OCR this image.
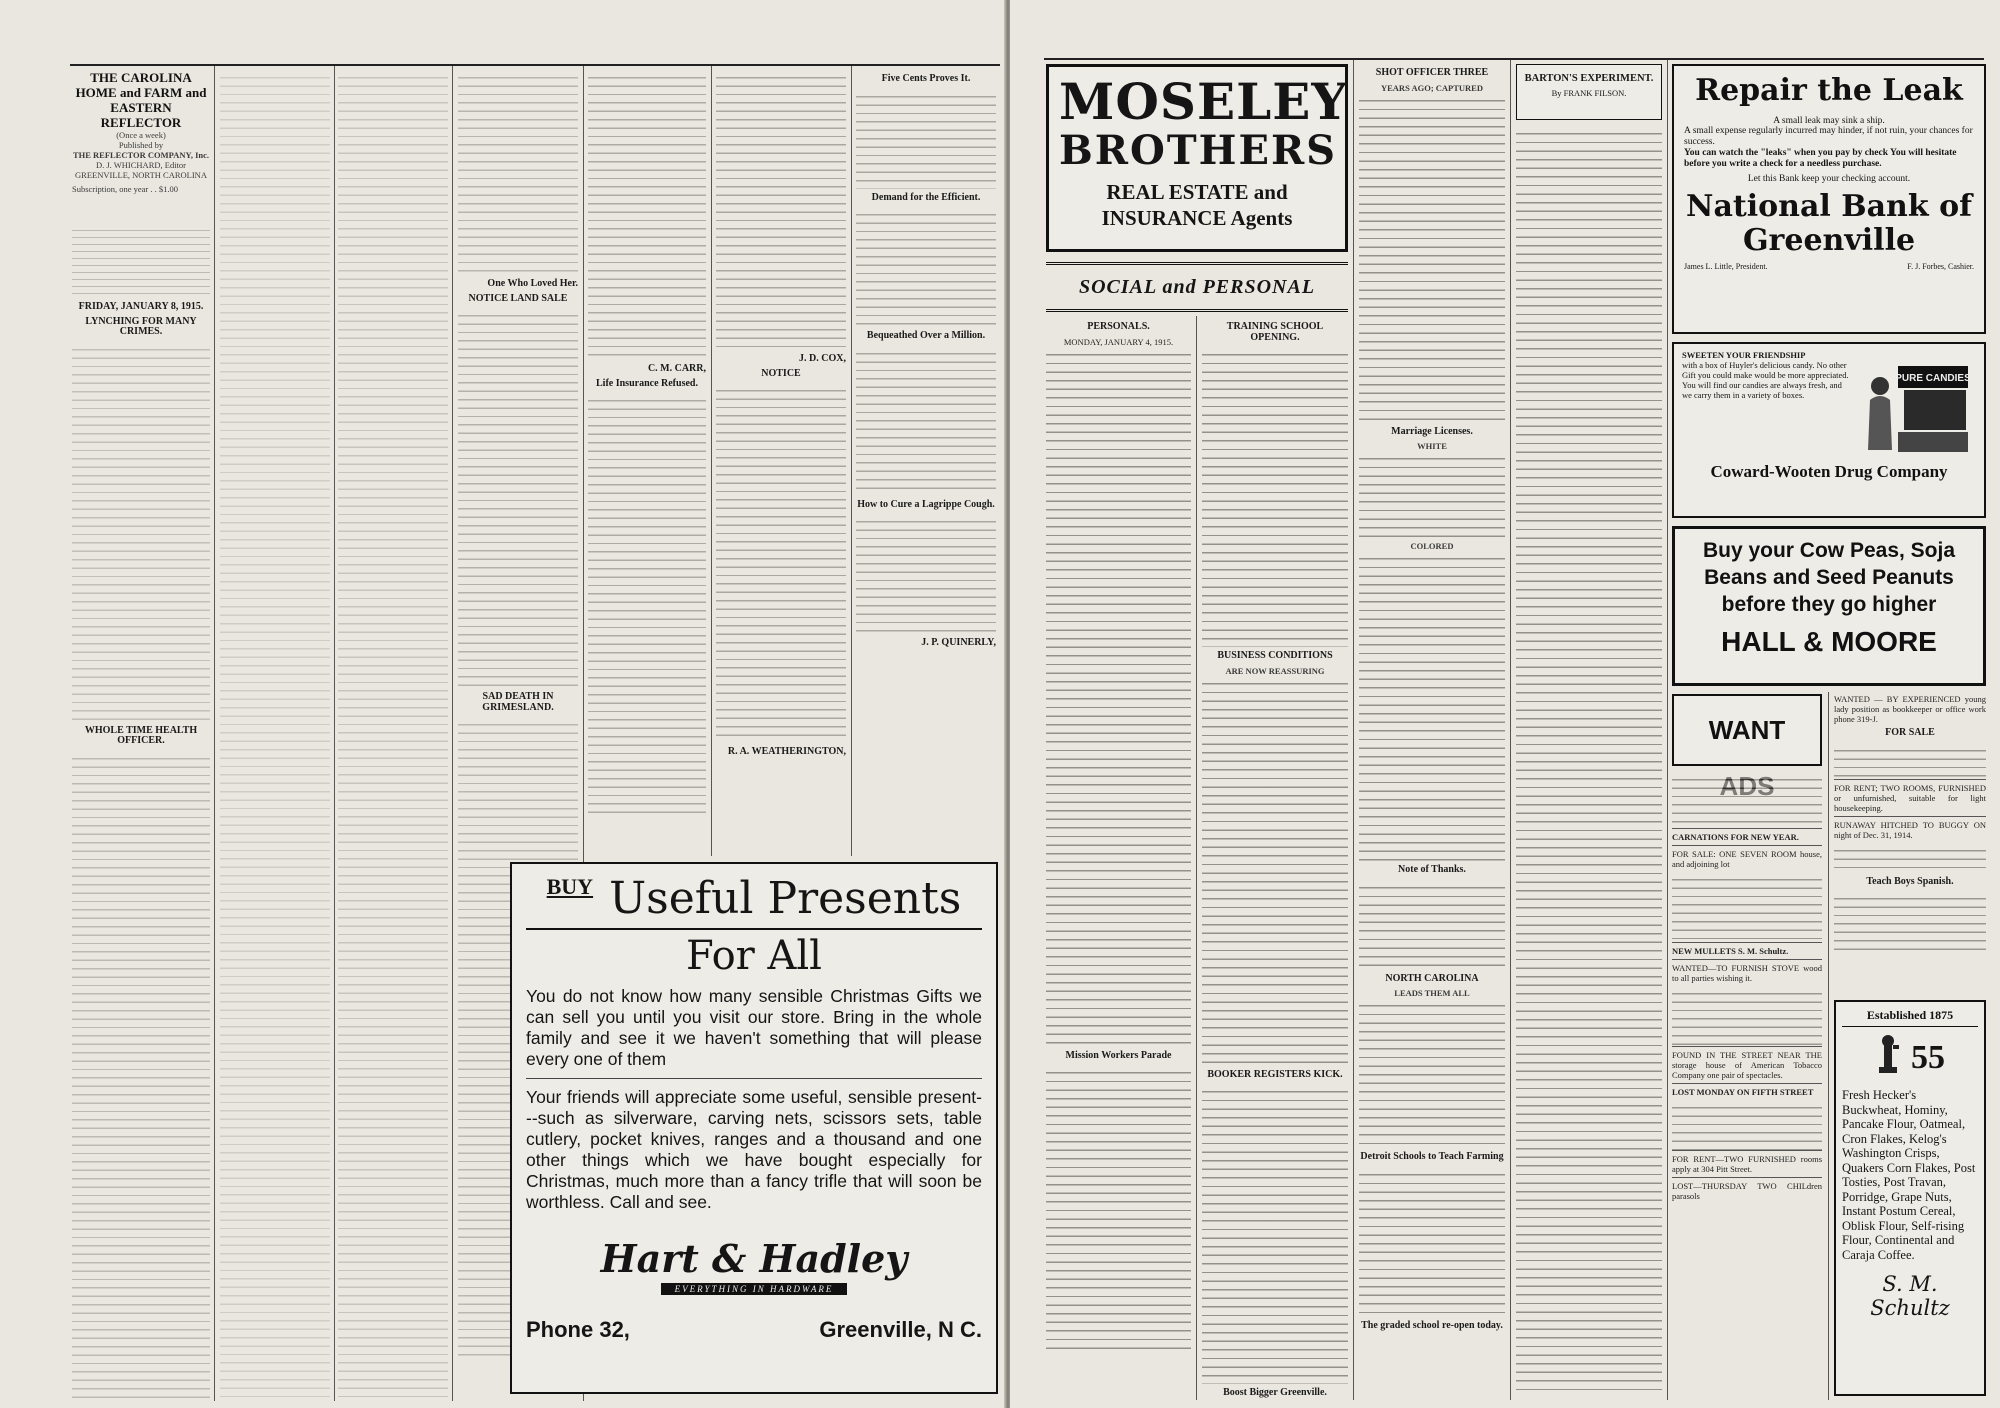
THE CAROLINA HOME and FARM and EASTERN REFLECTOR
(Once a week)
Published by
THE REFLECTOR COMPANY, Inc.
D. J. WHICHARD, Editor
GREENVILLE, NORTH CAROLINA
Subscription, one year . . $1.00
FRIDAY, JANUARY 8, 1915.
LYNCHING FOR MANY CRIMES.
WHOLE TIME HEALTH OFFICER.
One Who Loved Her.
NOTICE LAND SALE
SAD DEATH IN GRIMESLAND.
C. M. CARR,
Life Insurance Refused.
J. D. COX,
NOTICE
R. A. WEATHERINGTON,
Five Cents Proves It.
Demand for the Efficient.
Bequeathed Over a Million.
How to Cure a Lagrippe Cough.
J. P. QUINERLY,
BUY Useful Presents
For All
You do not know how many sensible Christmas Gifts we can sell you until you visit our store. Bring in the whole family and see it we haven't something that will please every one of them
Your friends will appreciate some useful, sensible present---such as silverware, carving nets, scissors sets, table cutlery, pocket knives, ranges and a thousand and one other things which we have bought especially for Christmas, much more than a fancy trifle that will soon be worthless. Call and see.
Hart & Hadley
EVERYTHING IN HARDWARE
Phone 32,	Greenville, N C.
MOSELEY
BROTHERS
REAL ESTATE and
INSURANCE Agents
SOCIAL and PERSONAL
PERSONALS.
MONDAY, JANUARY 4, 1915.
Mission Workers Parade
TRAINING SCHOOL OPENING.
BUSINESS CONDITIONS
ARE NOW REASSURING
BOOKER REGISTERS KICK.
Boost Bigger Greenville.
SHOT OFFICER THREE
YEARS AGO; CAPTURED
Marriage Licenses.
WHITE
COLORED
Note of Thanks.
NORTH CAROLINA
LEADS THEM ALL
Detroit Schools to Teach Farming
The graded school re-open today.
BARTON'S EXPERIMENT.
By FRANK FILSON.	Repair the Leak
A small leak may sink a ship.
A small expense regularly incurred may hinder, if not ruin, your chances for success.
You can watch the "leaks" when you pay by check You will hesitate before you write a check for a needless purchase.
Let this Bank keep your checking account.
National Bank of
Greenville
James L. Little, President.	F. J. Forbes, Cashier.
SWEETEN YOUR FRIENDSHIP
with a box of Huyler's delicious candy. No other Gift you could make would be more appreciated. You will find our candies are always fresh, and we carry them in a variety of boxes.
PURE CANDIES
Coward-Wooten Drug Company
Buy your Cow Peas, Soja
Beans and Seed Peanuts
before they go higher
HALL & MOORE
WANT
CARNATIONS FOR NEW YEAR.
FOR SALE: ONE SEVEN ROOM house, and adjoining lot
NEW MULLETS S. M. Schultz.
WANTED—TO FURNISH STOVE wood to all parties wishing it.
FOUND IN THE STREET NEAR THE storage house of American Tobacco Company one pair of spectacles.
LOST MONDAY ON FIFTH STREET
FOR RENT—TWO FURNISHED rooms apply at 304 Pitt Street.
LOST—THURSDAY TWO CHILdren parasols
WANTED — BY EXPERIENCED young lady position as bookkeeper or office work phone 319-J.
FOR SALE
FOR RENT; TWO ROOMS, FURNISHED or unfurnished, suitable for light housekeeping.
RUNAWAY HITCHED TO BUGGY ON night of Dec. 31, 1914.
Teach Boys Spanish.
Established 1875
55
Fresh Hecker's Buckwheat, Hominy, Pancake Flour, Oatmeal, Cron Flakes, Kelog's Washington Crisps, Quakers Corn Flakes, Post Tosties, Post Travan, Porridge, Grape Nuts, Instant Postum Cereal, Oblisk Flour, Self-rising Flour, Continental and Caraja Coffee.
S. M. Schultz
